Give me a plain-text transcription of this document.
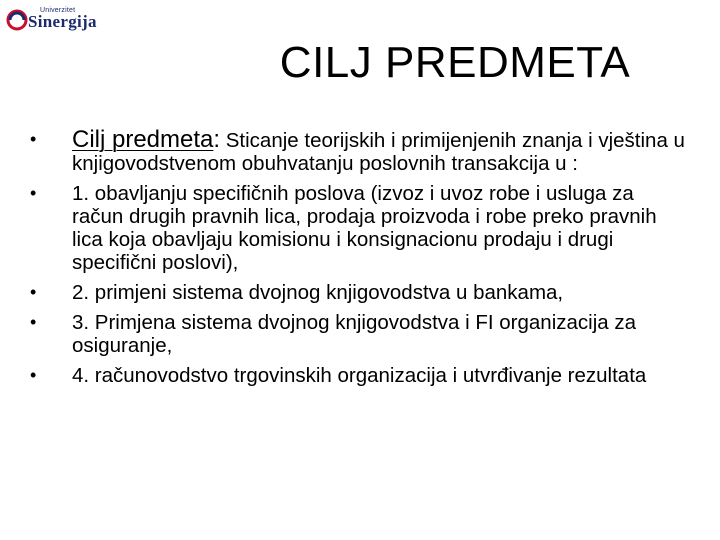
Univerzitet
Sinergija
CILJ PREDMETA
• Cilj predmeta: Sticanje teorijskih i primijenjenih znanja i vještina u knjigovodstvenom obuhvatanju poslovnih transakcija u :
• 1. obavljanju specifičnih poslova (izvoz i uvoz robe i usluga za račun drugih pravnih lica, prodaja proizvoda i robe preko pravnih lica koja obavljaju komisionu i konsignacionu prodaju i drugi specifični poslovi),
• 2. primjeni sistema dvojnog knjigovodstva u bankama,
• 3. Primjena sistema dvojnog knjigovodstva i FI organizacija za osiguranje,
• 4. računovodstvo trgovinskih organizacija i utvrđivanje rezultata
